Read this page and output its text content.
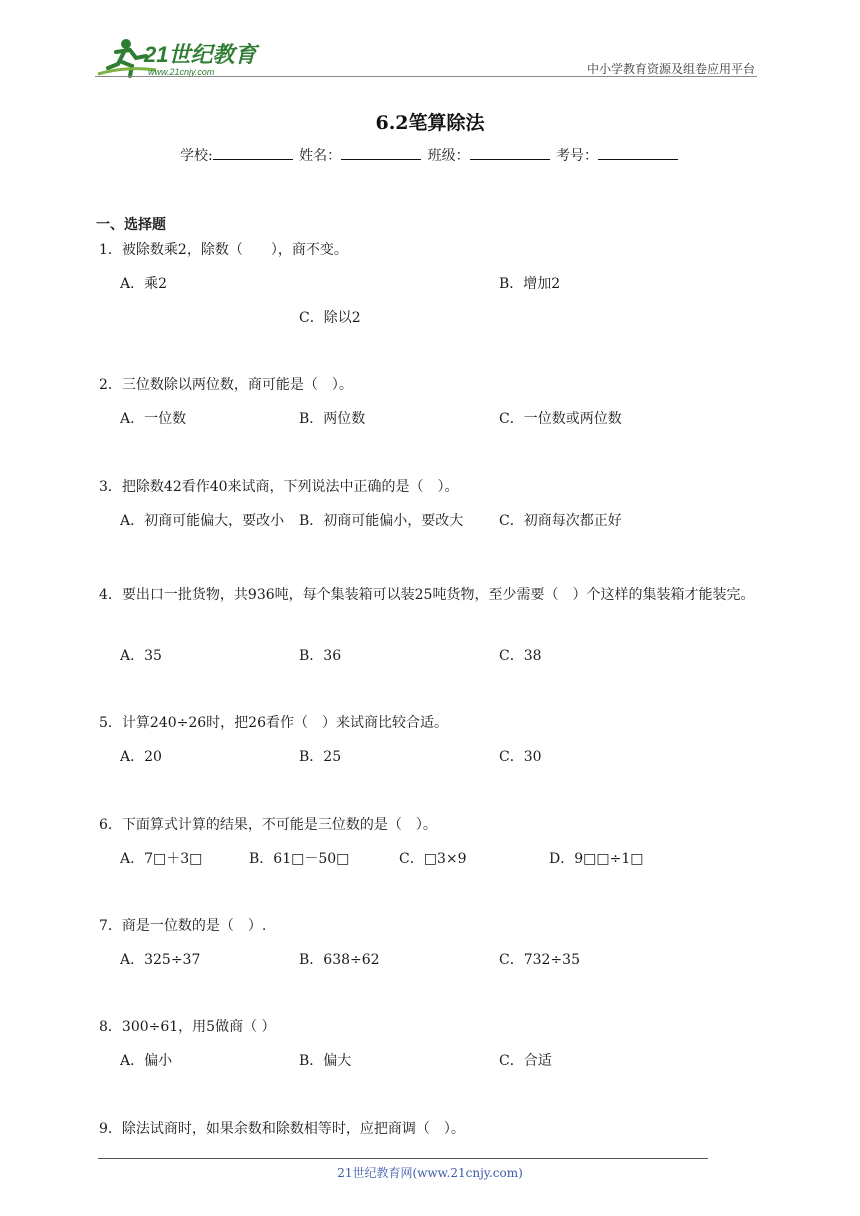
21世纪教育
www.21cnjy.com	中小学教育资源及组卷应用平台
6.2笔算除法
学校:	姓名：	班级：	考号：
一、选择题
1．被除数乘2，除数（　　），商不变。
A．乘2	B．增加2
C．除以2
2．三位数除以两位数，商可能是（　）。
A．一位数	B．两位数	C．一位数或两位数
3．把除数42看作40来试商，下列说法中正确的是（　）。
A．初商可能偏大，要改小 B．初商可能偏小，要改大	C．初商每次都正好
4．要出口一批货物，共936吨，每个集装箱可以装25吨货物，至少需要（　）个这样的集装箱才能装完。
A．35	B．36	C．38
5．计算240÷26时，把26看作（　）来试商比较合适。
A．20	B．25	C．30
6．下面算式计算的结果，不可能是三位数的是（　）。
A．7□＋3□	B．61□－50□	C．□3×9	D．9□□÷1□
7．商是一位数的是（　）.
A．325÷37	B．638÷62	C．732÷35
8．300÷61，用5做商（ ）
A．偏小	B．偏大	C．合适
9．除法试商时，如果余数和除数相等时，应把商调（　）。
21世纪教育网(www.21cnjy.com)
